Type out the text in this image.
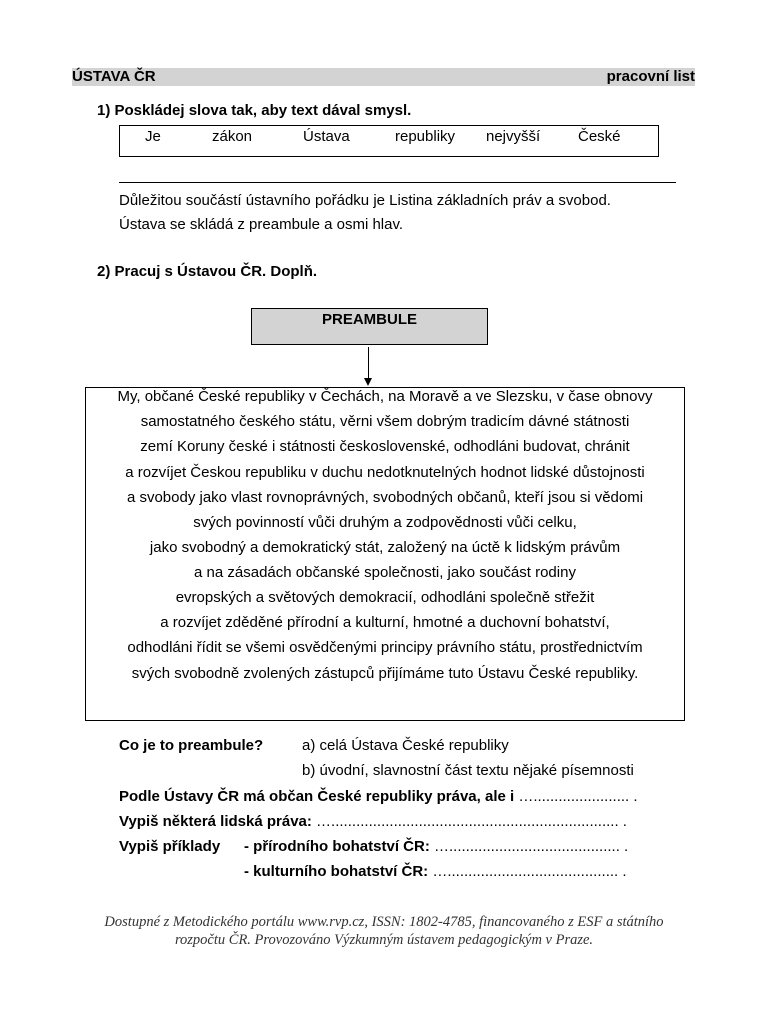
ÚSTAVA ČR	pracovní list
1) Poskládej slova tak, aby text dával smysl.
Je	zákon	Ústava	republiky nejvyšší	České
Důležitou součástí ústavního pořádku je Listina základních práv a svobod.
Ústava se skládá z preambule a osmi hlav.
2) Pracuj s Ústavou ČR. Doplň.
PREAMBULE
My, občané České republiky v Čechách, na Moravě a ve Slezsku, v čase obnovy
samostatného českého státu, věrni všem dobrým tradicím dávné státnosti
zemí Koruny české i státnosti československé, odhodláni budovat, chránit
a rozvíjet Českou republiku v duchu nedotknutelných hodnot lidské důstojnosti
a svobody jako vlast rovnoprávných, svobodných občanů, kteří jsou si vědomi
svých povinností vůči druhým a zodpovědnosti vůči celku,
jako svobodný a demokratický stát, založený na úctě k lidským právům
a na zásadách občanské společnosti, jako součást rodiny
evropských a světových demokracií, odhodláni společně střežit
a rozvíjet zděděné přírodní a kulturní, hmotné a duchovní bohatství,
odhodláni řídit se všemi osvědčenými principy právního státu, prostřednictvím
svých svobodně zvolených zástupců přijímáme tuto Ústavu České republiky.
Co je to preambule?	a) celá Ústava České republiky
b) úvodní, slavnostní část textu nějaké písemnosti
Podle Ústavy ČR má občan České republiky práva, ale i …....................... .
Vypiš některá lidská práva: …..................................................................... .
Vypiš příklady - přírodního bohatství ČR: …......................................... .
- kulturního bohatství ČR: …......................................... .
Dostupné z Metodického portálu www.rvp.cz, ISSN: 1802-4785, financovaného z ESF a státního
rozpočtu ČR. Provozováno Výzkumným ústavem pedagogickým v Praze.
